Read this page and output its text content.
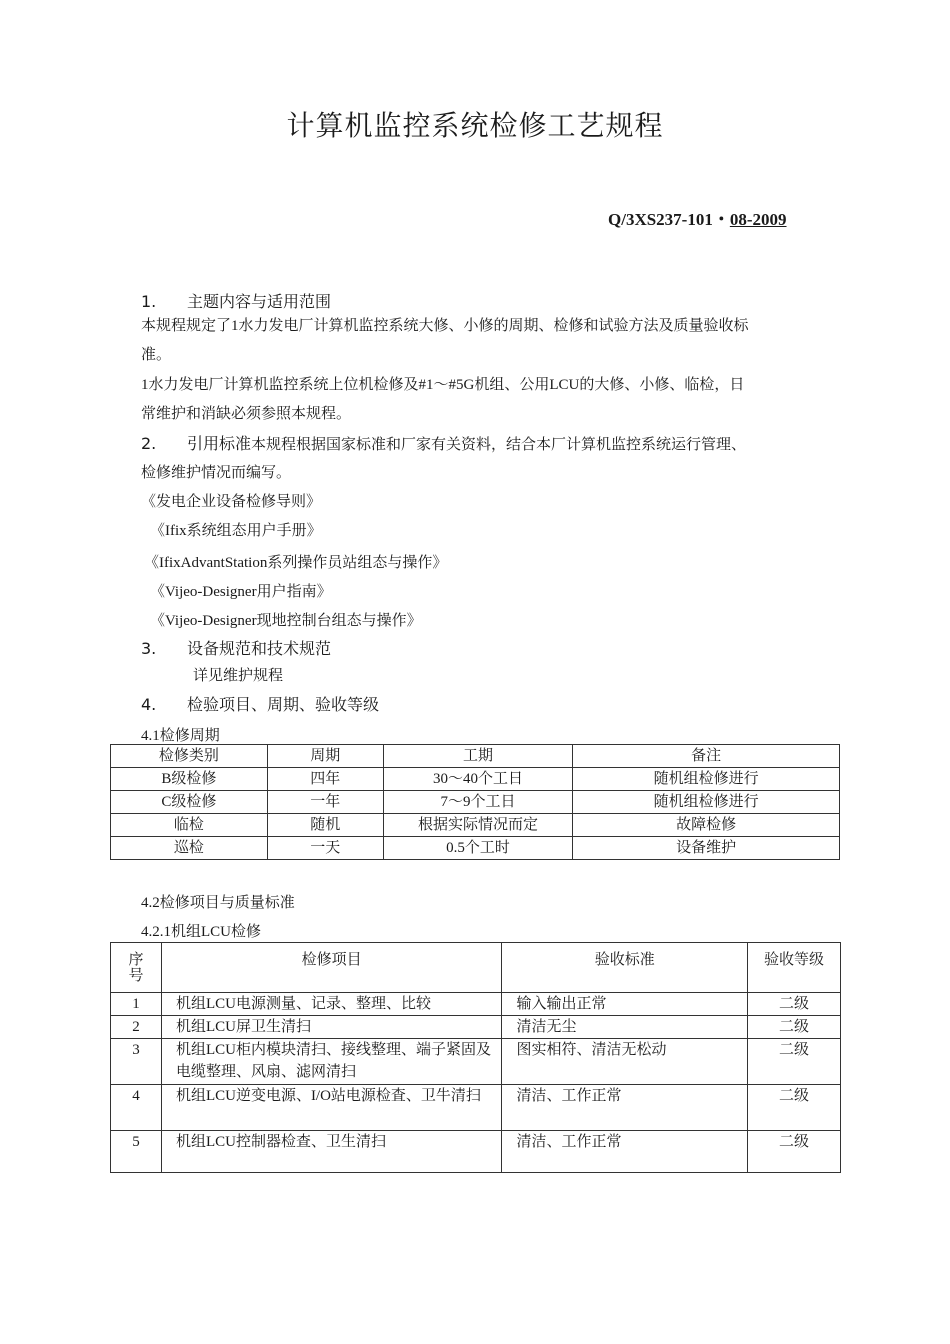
计算机监控系统检修工艺规程
Q/3XS237-101・08-2009
1. 主题内容与适用范围
本规程规定了1水力发电厂计算机监控系统大修、小修的周期、检修和试验方法及质量验收标
准。
1水力发电厂计算机监控系统上位机检修及#1〜#5G机组、公用LCU的大修、小修、临检，日
常维护和消缺必须参照本规程。
2. 引用标准本规程根据国家标准和厂家有关资料，结合本厂计算机监控系统运行管理、
检修维护情况而编写。
《发电企业设备检修导则》
《Ifix系统组态用户手册》
《IfixAdvantStation系列操作员站组态与操作》
《Vijeo-Designer用户指南》
《Vijeo-Designer现地控制台组态与操作》
3. 设备规范和技术规范
详见维护规程
4. 检验项目、周期、验收等级
4.1检修周期
检修类别	周期	工期	备注
B级检修	四年	30〜40个工日	随机组检修进行
C级检修	一年	7〜9个工日	随机组检修进行
临检	随机	根据实际情况而定	故障检修
巡检	一天	0.5个工时	设备维护
4.2检修项目与质量标准
4.2.1机组LCU检修
序号	检修项目	验收标准	验收等级
1	机组LCU电源测量、记录、整理、比较	输入输出正常	二级
2	机组LCU屏卫生清扫	清洁无尘	二级
3	机组LCU柜内模块清扫、接线整理、端子紧固及电缆整理、风扇、滤网清扫	图实相符、清洁无松动	二级
4	机组LCU逆变电源、I/O站电源检査、卫牛清扫	清洁、工作正常	二级
5	机组LCU控制器检查、卫生清扫	清洁、工作正常	二级
